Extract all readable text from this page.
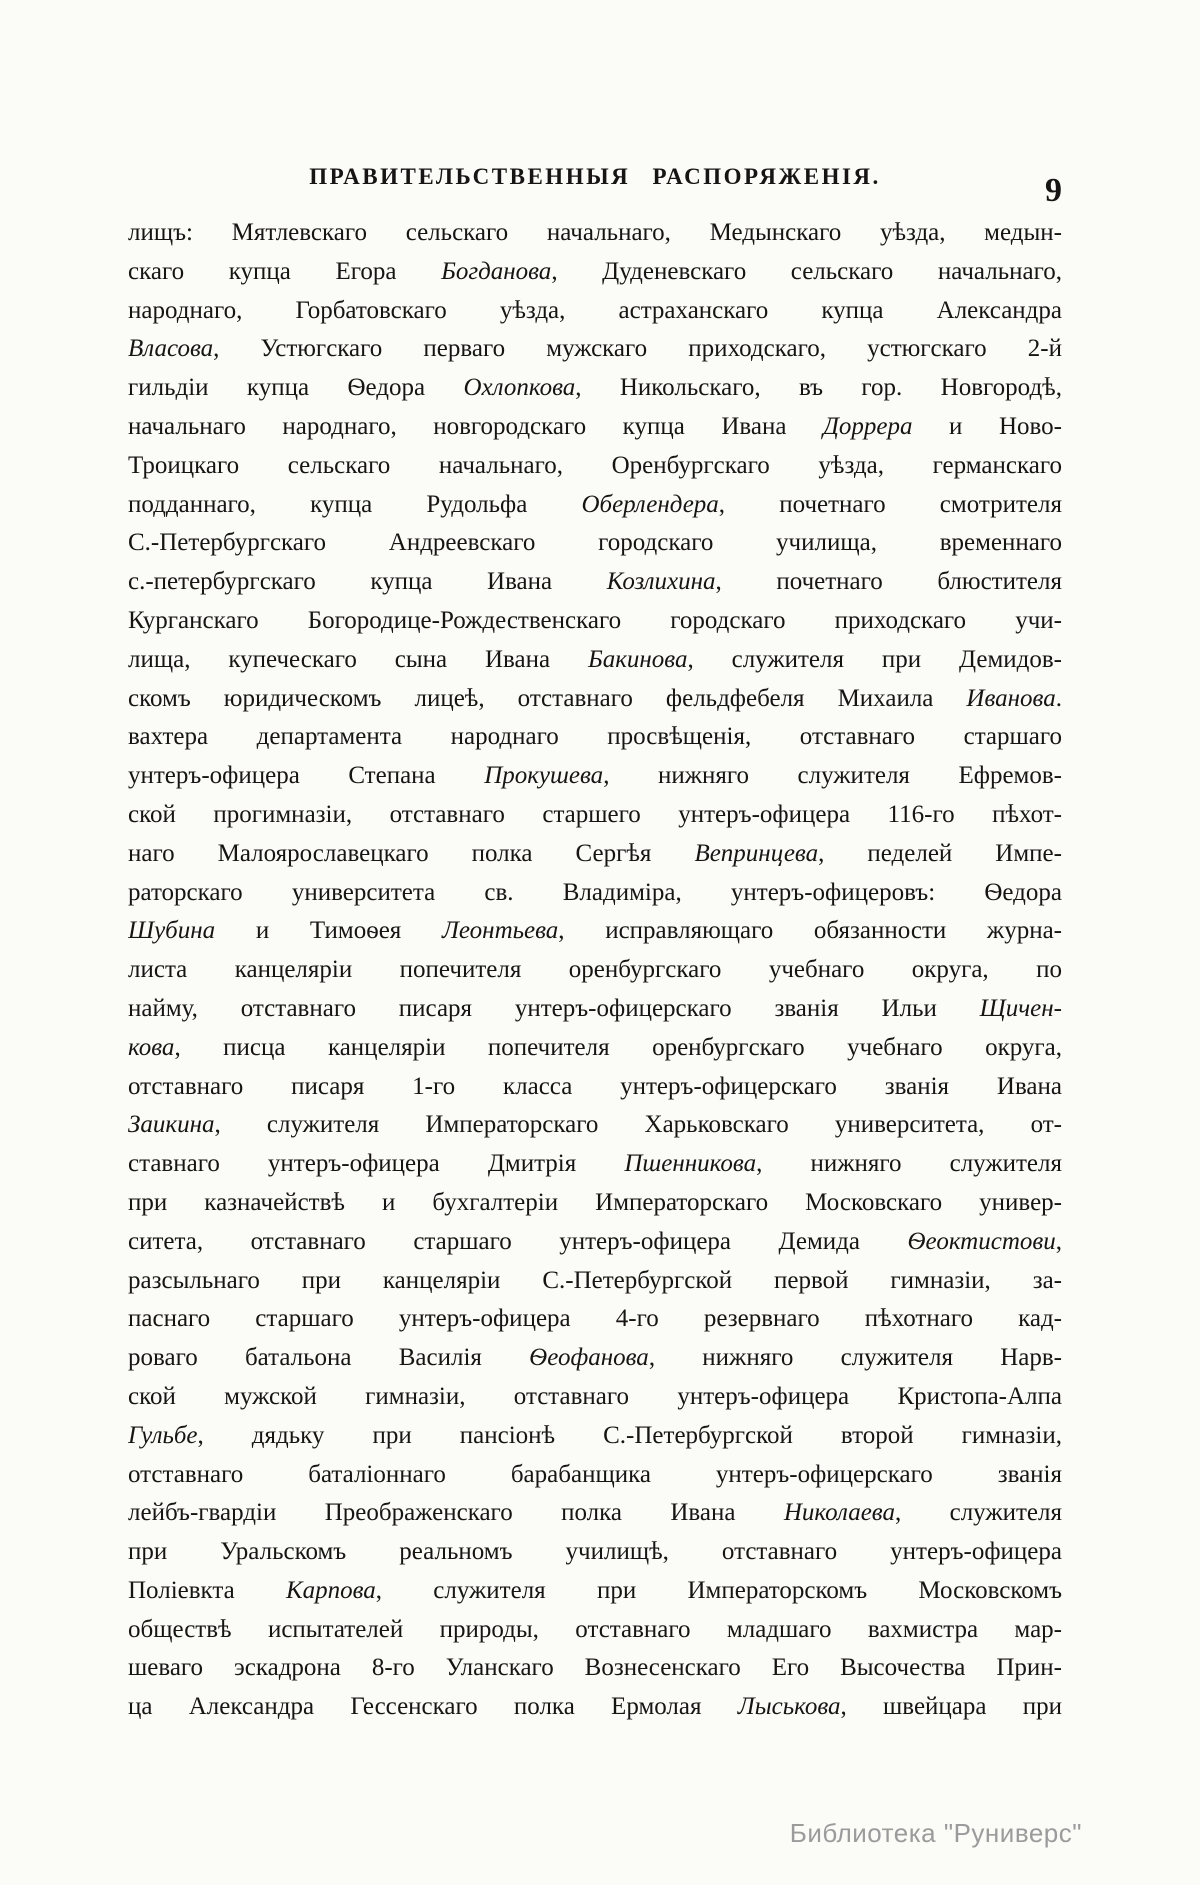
ПРАВИТЕЛЬСТВЕННЫЯ РАСПОРЯЖЕНІЯ.	9
лищъ: Мятлевскаго сельскаго начальнаго, Медынскаго уѣзда, медын-
скаго купца Егора Богданова, Дуденевскаго сельскаго начальнаго,
народнаго, Горбатовскаго уѣзда, астраханскаго купца Александра
Власова, Устюгскаго перваго мужскаго приходскаго, устюгскаго 2-й
гильдіи купца Ѳедора Охлопкова, Никольскаго, въ гор. Новгородѣ,
начальнаго народнаго, новгородскаго купца Ивана Доррера и Ново-
Троицкаго сельскаго начальнаго, Оренбургскаго уѣзда, германскаго
подданнаго, купца Рудольфа Оберлендера, почетнаго смотрителя
С.-Петербургскаго Андреевскаго городскаго училища, временнаго
с.-петербургскаго купца Ивана Козлихина, почетнаго блюстителя
Курганскаго Богородице-Рождественскаго городскаго приходскаго учи-
лища, купеческаго сына Ивана Бакинова, служителя при Демидов-
скомъ юридическомъ лицеѣ, отставнаго фельдфебеля Михаила Иванова.
вахтера департамента народнаго просвѣщенія, отставнаго старшаго
унтеръ-офицера Степана Прокушева, нижняго служителя Ефремов-
ской прогимназіи, отставнаго старшего унтеръ-офицера 116-го пѣхот-
наго Малоярославецкаго полка Сергѣя Вепринцева, педелей Импе-
раторскаго университета св. Владиміра, унтеръ-офицеровъ: Ѳедора
Шубина и Тимоѳея Леонтьева, исправляющаго обязанности журна-
листа канцеляріи попечителя оренбургскаго учебнаго округа, по
найму, отставнаго писаря унтеръ-офицерскаго званія Ильи Щичен-
кова, писца канцеляріи попечителя оренбургскаго учебнаго округа,
отставнаго писаря 1-го класса унтеръ-офицерскаго званія Ивана
Заикина, служителя Императорскаго Харьковскаго университета, от-
ставнаго унтеръ-офицера Дмитрія Пшенникова, нижняго служителя
при казначействѣ и бухгалтеріи Императорскаго Московскаго универ-
ситета, отставнаго старшаго унтеръ-офицера Демида Ѳеоктистови,
разсыльнаго при канцеляріи С.-Петербургской первой гимназіи, за-
паснаго старшаго унтеръ-офицера 4-го резервнаго пѣхотнаго кад-
роваго батальона Василія Ѳеофанова, нижняго служителя Нарв-
ской мужской гимназіи, отставнаго унтеръ-офицера Кристопа-Алпа
Гульбе, дядьку при пансіонѣ С.-Петербургской второй гимназіи,
отставнаго баталіоннаго барабанщика унтеръ-офицерскаго званія
лейбъ-гвардіи Преображенскаго полка Ивана Николаева, служителя
при Уральскомъ реальномъ училищѣ, отставнаго унтеръ-офицера
Поліевкта Карпова, служителя при Императорскомъ Московскомъ
обществѣ испытателей природы, отставнаго младшаго вахмистра мар-
шеваго эскадрона 8-го Уланскаго Вознесенскаго Его Высочества Прин-
ца Александра Гессенскаго полка Ермолая Лыськова, швейцара при
Библиотека "Руниверс"
